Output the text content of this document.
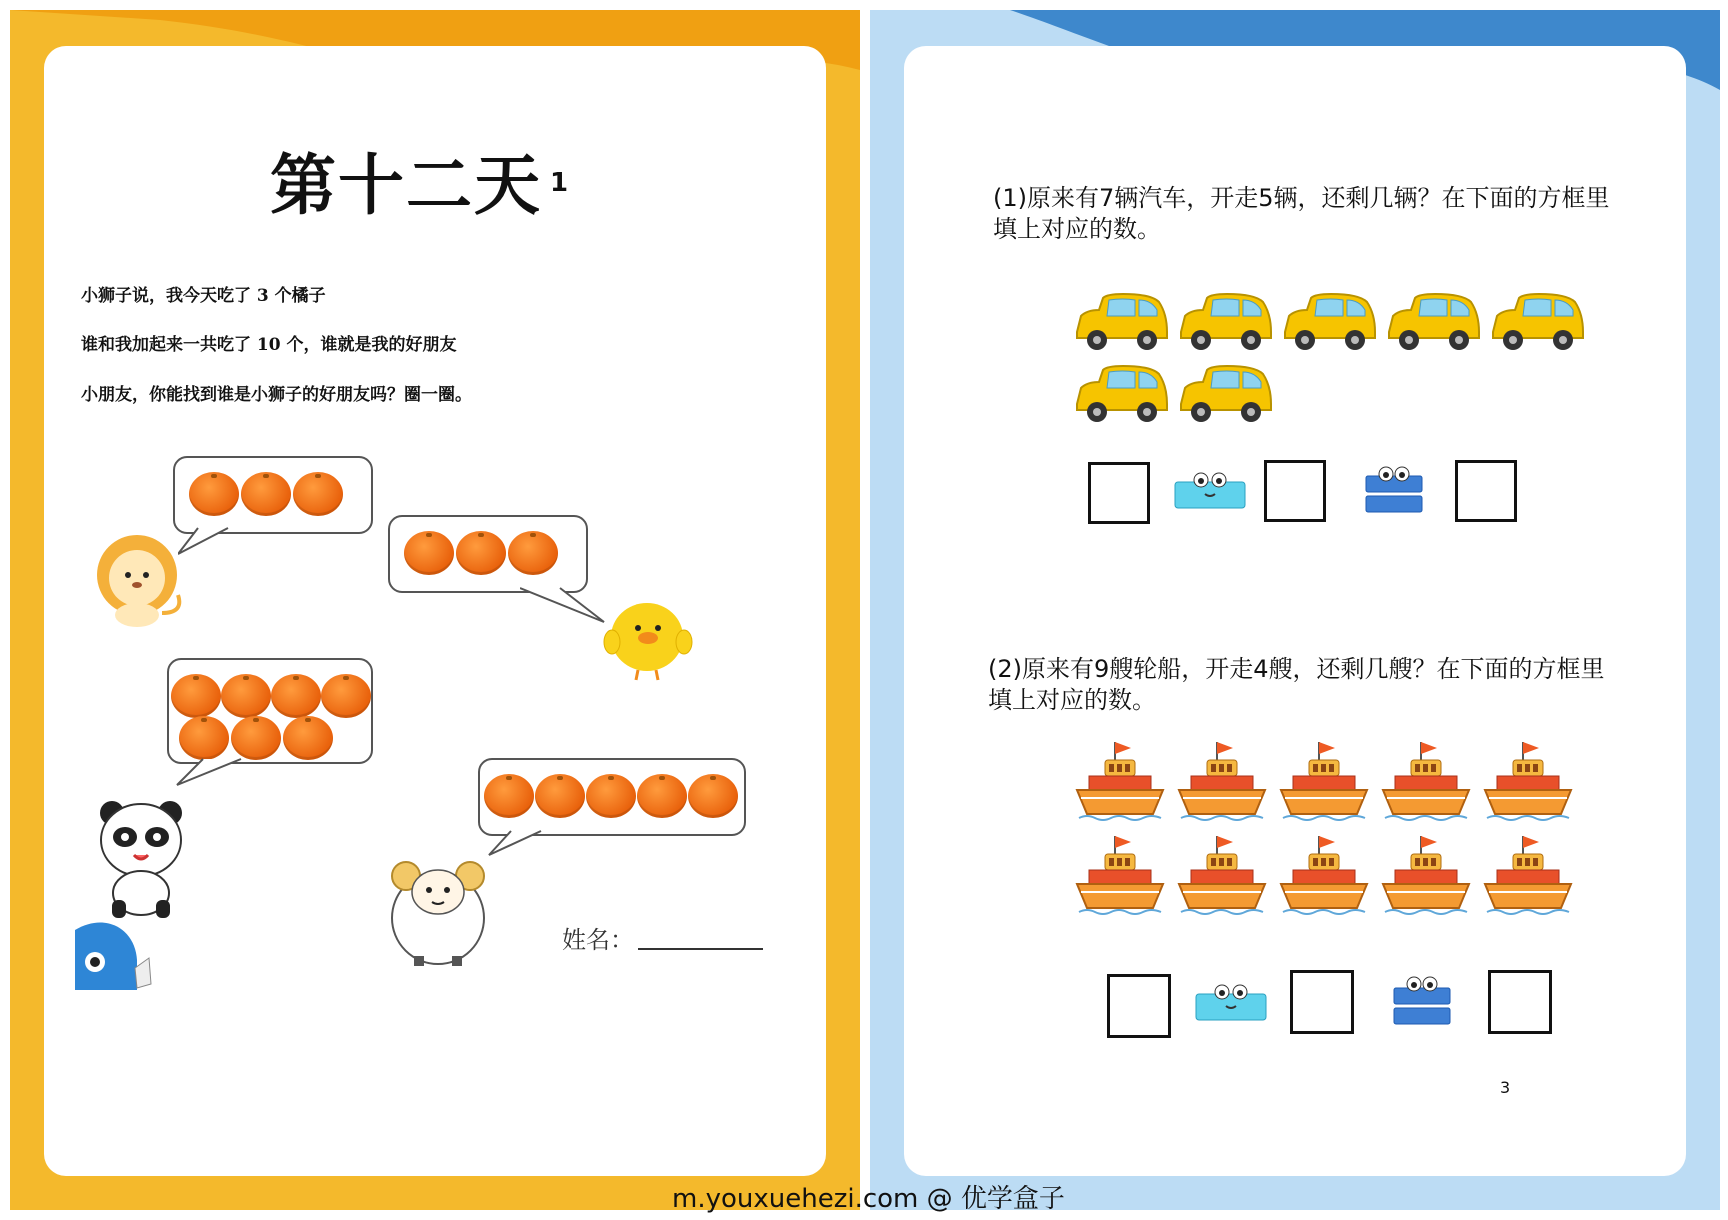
第十二天 1
小狮子说，我今天吃了 3 个橘子
谁和我加起来一共吃了 10 个，谁就是我的好朋友
小朋友，你能找到谁是小狮子的好朋友吗？圈一圈。
姓名：
(1)原来有7辆汽车，开走5辆，还剩几辆？在下面的方框里填上对应的数。
(2)原来有9艘轮船，开走4艘，还剩几艘？在下面的方框里填上对应的数。
3
m.youxuehezi.com @ 优学盒子
